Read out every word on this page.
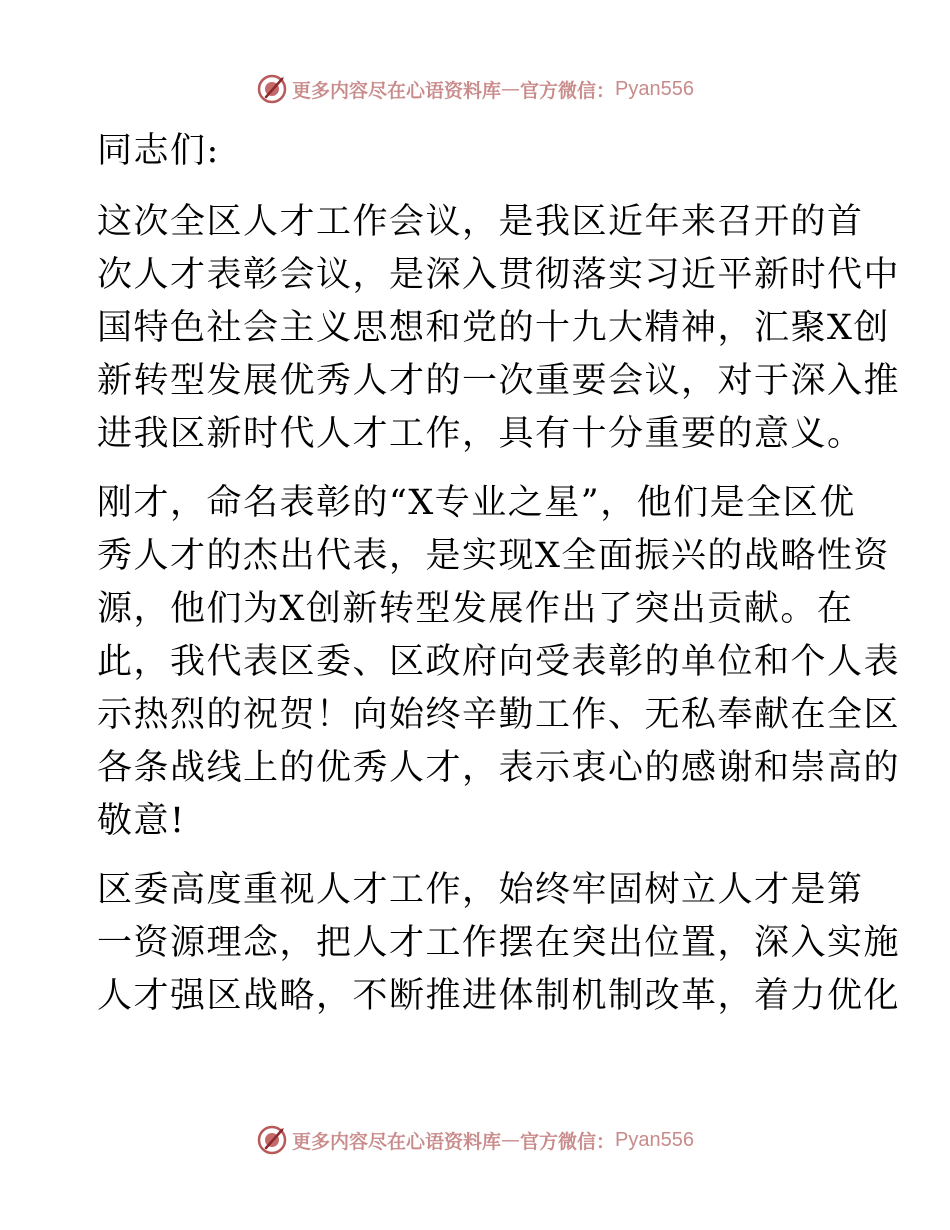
更多内容尽在心语资料库 — 官方微信： Pyan556
同志们:
这次全区人才工作会议，是我区近年来召开的首
次人才表彰会议，是深入贯彻落实习近平新时代中
国特色社会主义思想和党的十九大精神，汇聚X创
新转型发展优秀人才的一次重要会议，对于深入推
进我区新时代人才工作，具有十分重要的意义。
刚才，命名表彰的“X专业之星”，他们是全区优
秀人才的杰出代表，是实现X全面振兴的战略性资
源，他们为X创新转型发展作出了突出贡献。在
此，我代表区委、区政府向受表彰的单位和个人表
示热烈的祝贺！向始终辛勤工作、无私奉献在全区
各条战线上的优秀人才，表示衷心的感谢和崇高的
敬意!
区委高度重视人才工作，始终牢固树立人才是第
一资源理念，把人才工作摆在突出位置，深入实施
人才强区战略，不断推进体制机制改革，着力优化
更多内容尽在心语资料库 — 官方微信： Pyan556
